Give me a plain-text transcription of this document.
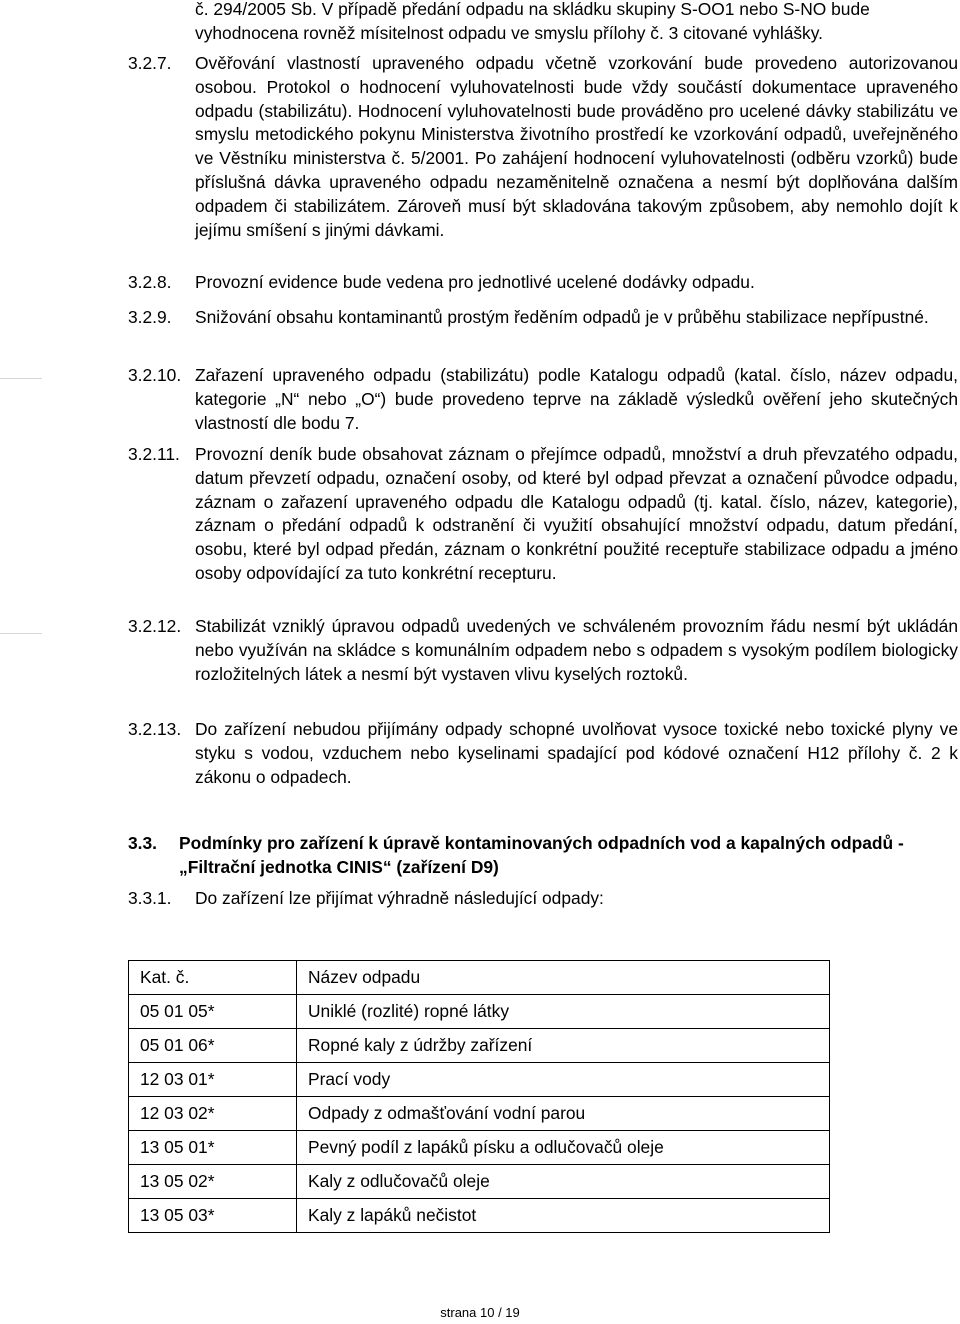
č. 294/2005 Sb. V případě předání odpadu na skládku skupiny S-OO1 nebo S-NO bude vyhodnocena rovněž mísitelnost odpadu ve smyslu přílohy č. 3 citované vyhlášky.
3.2.7. Ověřování vlastností upraveného odpadu včetně vzorkování bude provedeno autorizovanou osobou. Protokol o hodnocení vyluhovatelnosti bude vždy součástí dokumentace upraveného odpadu (stabilizátu). Hodnocení vyluhovatelnosti bude prováděno pro ucelené dávky stabilizátu ve smyslu metodického pokynu Ministerstva životního prostředí ke vzorkování odpadů, uveřejněného ve Věstníku ministerstva č. 5/2001. Po zahájení hodnocení vyluhovatelnosti (odběru vzorků) bude příslušná dávka upraveného odpadu nezaměnitelně označena a nesmí být doplňována dalším odpadem či stabilizátem. Zároveň musí být skladována takovým způsobem, aby nemohlo dojít k jejímu smíšení s jinými dávkami.
3.2.8. Provozní evidence bude vedena pro jednotlivé ucelené dodávky odpadu.
3.2.9. Snižování obsahu kontaminantů prostým ředěním odpadů je v průběhu stabilizace nepřípustné.
3.2.10. Zařazení upraveného odpadu (stabilizátu) podle Katalogu odpadů (katal. číslo, název odpadu, kategorie „N“ nebo „O“) bude provedeno teprve na základě výsledků ověření jeho skutečných vlastností dle bodu 7.
3.2.11. Provozní deník bude obsahovat záznam o přejímce odpadů, množství a druh převzatého odpadu, datum převzetí odpadu, označení osoby, od které byl odpad převzat a označení původce odpadu, záznam o zařazení upraveného odpadu dle Katalogu odpadů (tj. katal. číslo, název, kategorie), záznam o předání odpadů k odstranění či využití obsahující množství odpadu, datum předání, osobu, které byl odpad předán, záznam o konkrétní použité receptuře stabilizace odpadu a jméno osoby odpovídající za tuto konkrétní recepturu.
3.2.12. Stabilizát vzniklý úpravou odpadů uvedených ve schváleném provozním řádu nesmí být ukládán nebo využíván na skládce s komunálním odpadem nebo s odpadem s vysokým podílem biologicky rozložitelných látek a nesmí být vystaven vlivu kyselých roztoků.
3.2.13. Do zařízení nebudou přijímány odpady schopné uvolňovat vysoce toxické nebo toxické plyny ve styku s vodou, vzduchem nebo kyselinami spadající pod kódové označení H12 přílohy č. 2 k zákonu o odpadech.
3.3. Podmínky pro zařízení k úpravě kontaminovaných odpadních vod a kapalných odpadů - „Filtrační jednotka CINIS“ (zařízení D9)
3.3.1. Do zařízení lze přijímat výhradně následující odpady:
Kat. č.	Název odpadu
05 01 05*	Uniklé (rozlité) ropné látky
05 01 06*	Ropné kaly z údržby zařízení
12 03 01*	Prací vody
12 03 02*	Odpady z odmašťování vodní parou
13 05 01*	Pevný podíl z lapáků písku a odlučovačů oleje
13 05 02*	Kaly z odlučovačů oleje
13 05 03*	Kaly z lapáků nečistot
strana 10 / 19
